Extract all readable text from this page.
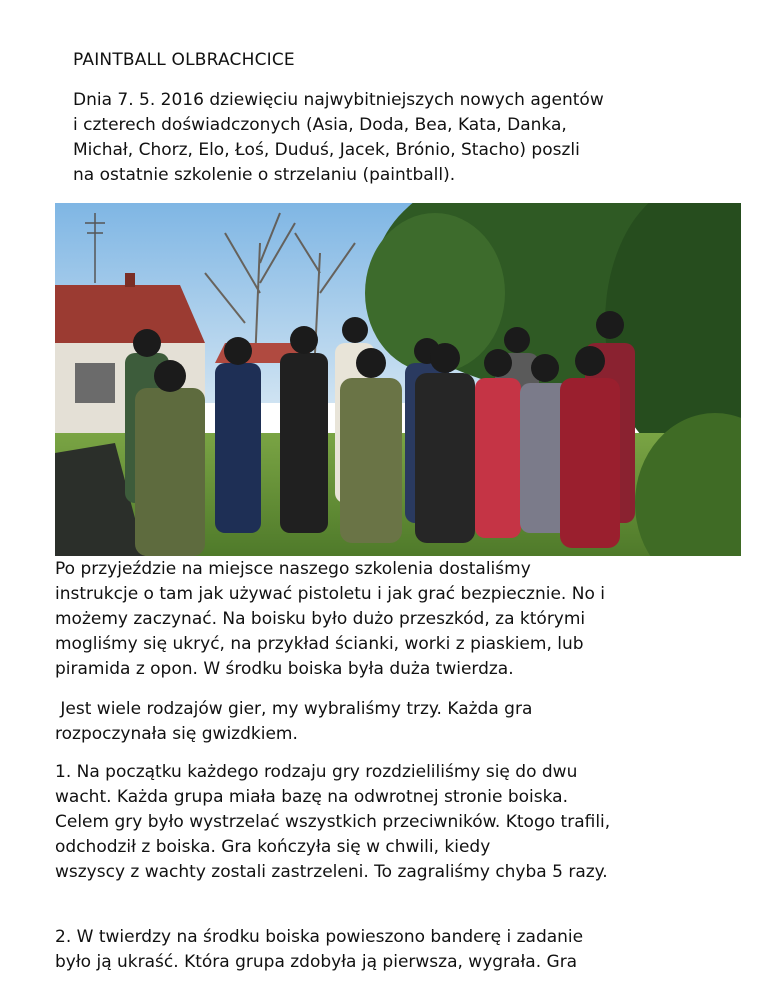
PAINTBALL OLBRACHCICE
Dnia 7. 5. 2016 dziewięciu najwybitniejszych nowych agentów
i czterech doświadczonych (Asia, Doda, Bea, Kata, Danka,
Michał, Chorz, Elo, Łoś, Duduś, Jacek, Brónio, Stacho) poszli
na ostatnie szkolenie o strzelaniu (paintball).
Po przyjeździe na miejsce naszego szkolenia dostaliśmy
instrukcje o tam jak używać pistoletu i jak grać bezpiecznie. No i
możemy zaczynać. Na boisku było dużo przeszkód, za którymi
mogliśmy się ukryć, na przykład ścianki, worki z piaskiem, lub
piramida z opon. W środku boiska była duża twierdza.
Jest wiele rodzajów gier, my wybraliśmy trzy. Każda gra
rozpoczynała się gwizdkiem.
1. Na początku każdego rodzaju gry rozdzieliliśmy się do dwu
wacht. Każda grupa miała bazę na odwrotnej stronie boiska.
Celem gry było wystrzelać wszystkich przeciwników. Ktogo trafili,
odchodził z boiska. Gra kończyła się w chwili, kiedy
wszyscy z wachty zostali zastrzeleni. To zagraliśmy chyba 5 razy.
2. W twierdzy na środku boiska powieszono banderę i zadanie
było ją ukraść. Która grupa zdobyła ją pierwsza, wygrała. Gra
